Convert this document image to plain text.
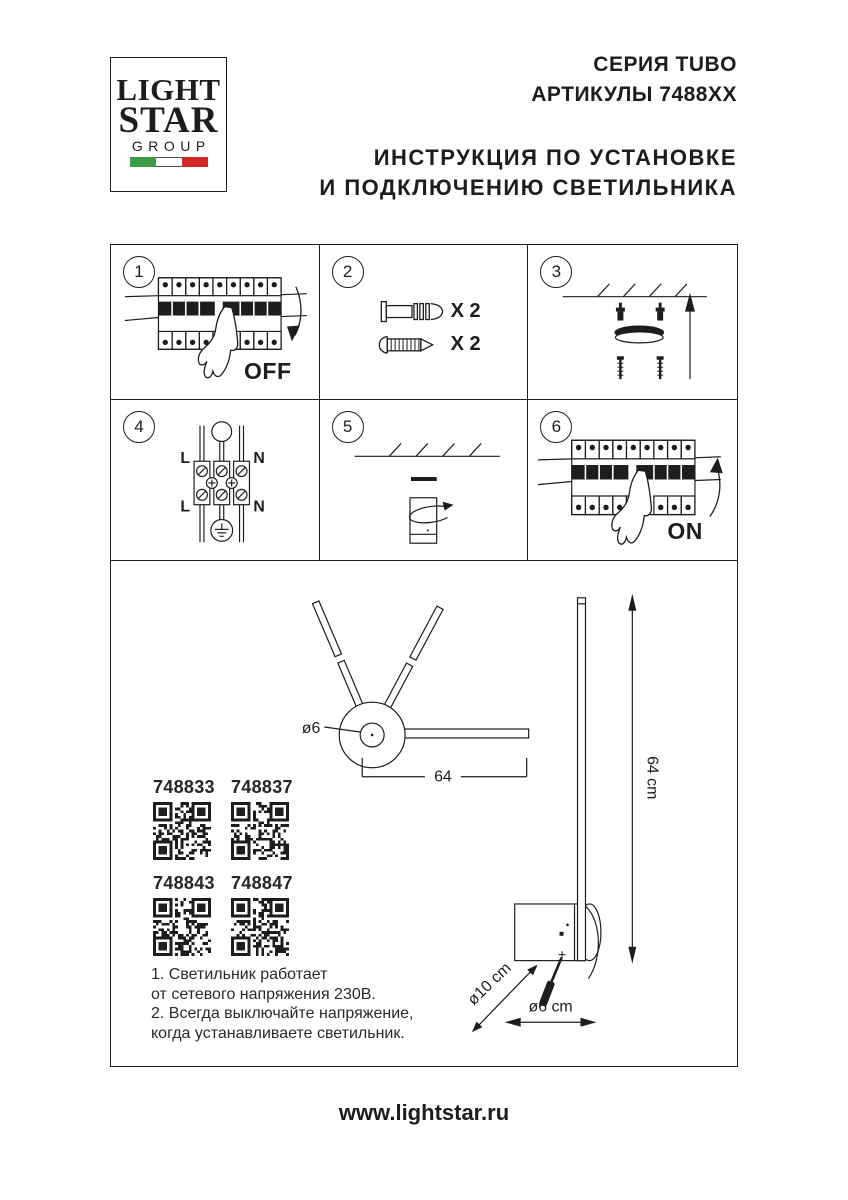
LIGHT
STAR
GROUP
СЕРИЯ TUBO
АРТИКУЛЫ 7488XX
ИНСТРУКЦИЯ ПО УСТАНОВКЕ
И ПОДКЛЮЧЕНИЮ СВЕТИЛЬНИКА
1
OFF
2
X 2
X 2
3
4
L	N
L	N
5	6
ON
ø6
64	64 cm
ø10 cm ø6 cm
748833 748837
748843 748847
1. Светильник работает
от сетевого напряжения 230В.
2. Всегда выключайте напряжение,
когда устанавливаете светильник.
www.lightstar.ru
